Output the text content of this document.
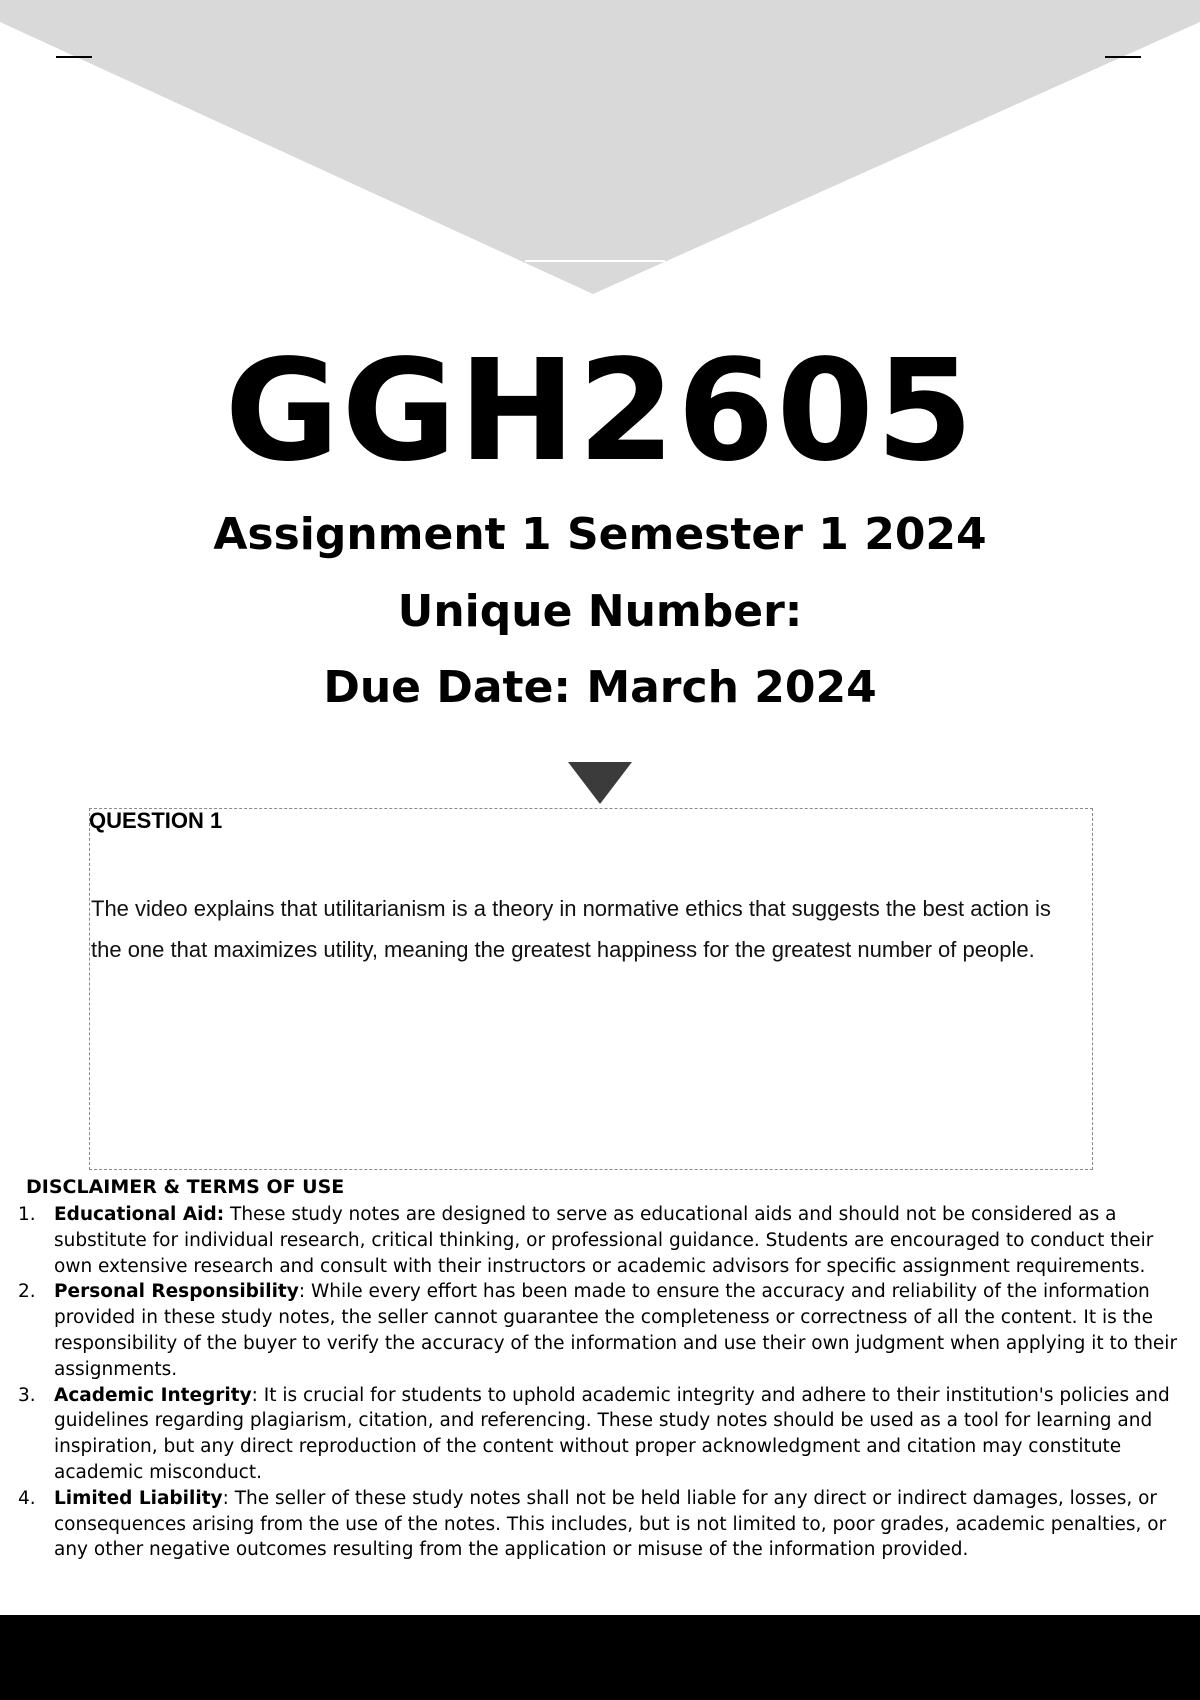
GGH2605
Assignment 1 Semester 1 2024
Unique Number:
Due Date: March 2024
QUESTION 1
The video explains that utilitarianism is a theory in normative ethics that suggests the best action is the one that maximizes utility, meaning the greatest happiness for the greatest number of people.
DISCLAIMER & TERMS OF USE
1. Educational Aid: These study notes are designed to serve as educational aids and should not be considered as a substitute for individual research, critical thinking, or professional guidance. Students are encouraged to conduct their own extensive research and consult with their instructors or academic advisors for specific assignment requirements.
2. Personal Responsibility: While every effort has been made to ensure the accuracy and reliability of the information provided in these study notes, the seller cannot guarantee the completeness or correctness of all the content. It is the responsibility of the buyer to verify the accuracy of the information and use their own judgment when applying it to their assignments.
3. Academic Integrity: It is crucial for students to uphold academic integrity and adhere to their institution's policies and guidelines regarding plagiarism, citation, and referencing. These study notes should be used as a tool for learning and inspiration, but any direct reproduction of the content without proper acknowledgment and citation may constitute academic misconduct.
4. Limited Liability: The seller of these study notes shall not be held liable for any direct or indirect damages, losses, or consequences arising from the use of the notes. This includes, but is not limited to, poor grades, academic penalties, or any other negative outcomes resulting from the application or misuse of the information provided.
